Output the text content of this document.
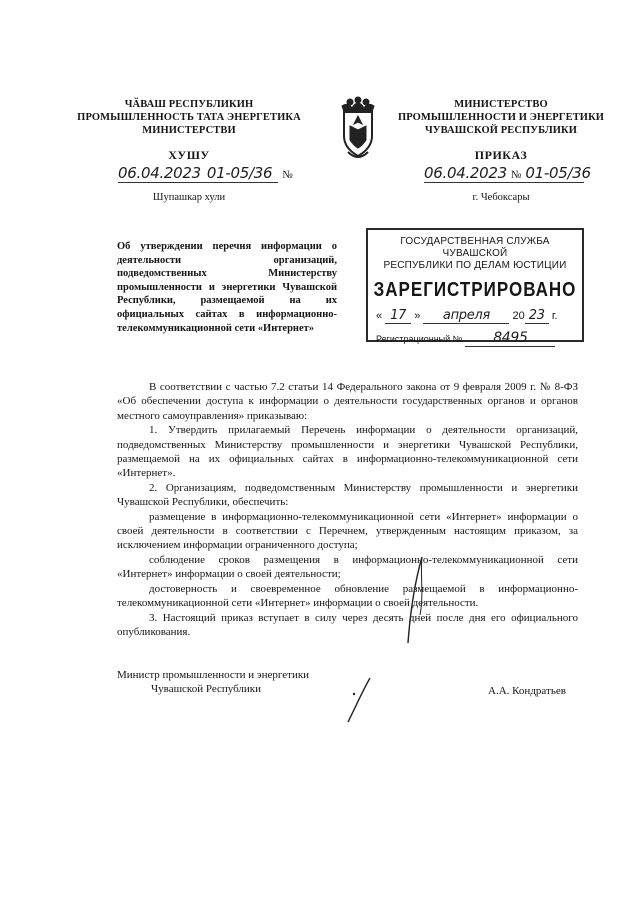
ЧӐВАШ РЕСПУБЛИКИН
ПРОМЫШЛЕННОСТЬ ТАТА ЭНЕРГЕТИКА
МИНИСТЕРСТВИ
ХУШУ
06.04.2023 01-05/36 №
Шупашкар хули
МИНИСТЕРСТВО
ПРОМЫШЛЕННОСТИ И ЭНЕРГЕТИКИ
ЧУВАШСКОЙ РЕСПУБЛИКИ
ПРИКАЗ
06.04.2023 № 01-05/36
г. Чебоксары
Об утверждении перечня информации о деятельности организаций, подведомственных Министерству промышленности и энергетики Чувашской Республики, размещаемой на их официальных сайтах в информационно-телекоммуникационной сети «Интернет»
ГОСУДАРСТВЕННАЯ СЛУЖБА ЧУВАШСКОЙ
РЕСПУБЛИКИ ПО ДЕЛАМ ЮСТИЦИИ
ЗАРЕГИСТРИРОВАНО
« 17 » апреля 20 23 г.
Регистрационный № 8495

В соответствии с частью 7.2 статьи 14 Федерального закона от 9 февраля 2009 г. № 8-ФЗ «Об обеспечении доступа к информации о деятельности государственных органов и органов местного самоуправления» приказываю:

1. Утвердить прилагаемый Перечень информации о деятельности организаций, подведомственных Министерству промышленности и энергетики Чувашской Республики, размещаемой на их официальных сайтах в информационно-телекоммуникационной сети «Интернет».

2. Организациям, подведомственным Министерству промышленности и энергетики Чувашской Республики, обеспечить:

размещение в информационно-телекоммуникационной сети «Интернет» информации о своей деятельности в соответствии с Перечнем, утвержденным настоящим приказом, за исключением информации ограниченного доступа;

соблюдение сроков размещения в информационно-телекоммуникационной сети «Интернет» информации о своей деятельности;

достоверность и своевременное обновление размещаемой в информационно-телекоммуникационной сети «Интернет» информации о своей деятельности.

3. Настоящий приказ вступает в силу через десять дней после дня его официального опубликования.

Министр промышленности и энергетики
Чувашской Республики	А.А. Кондратьев
